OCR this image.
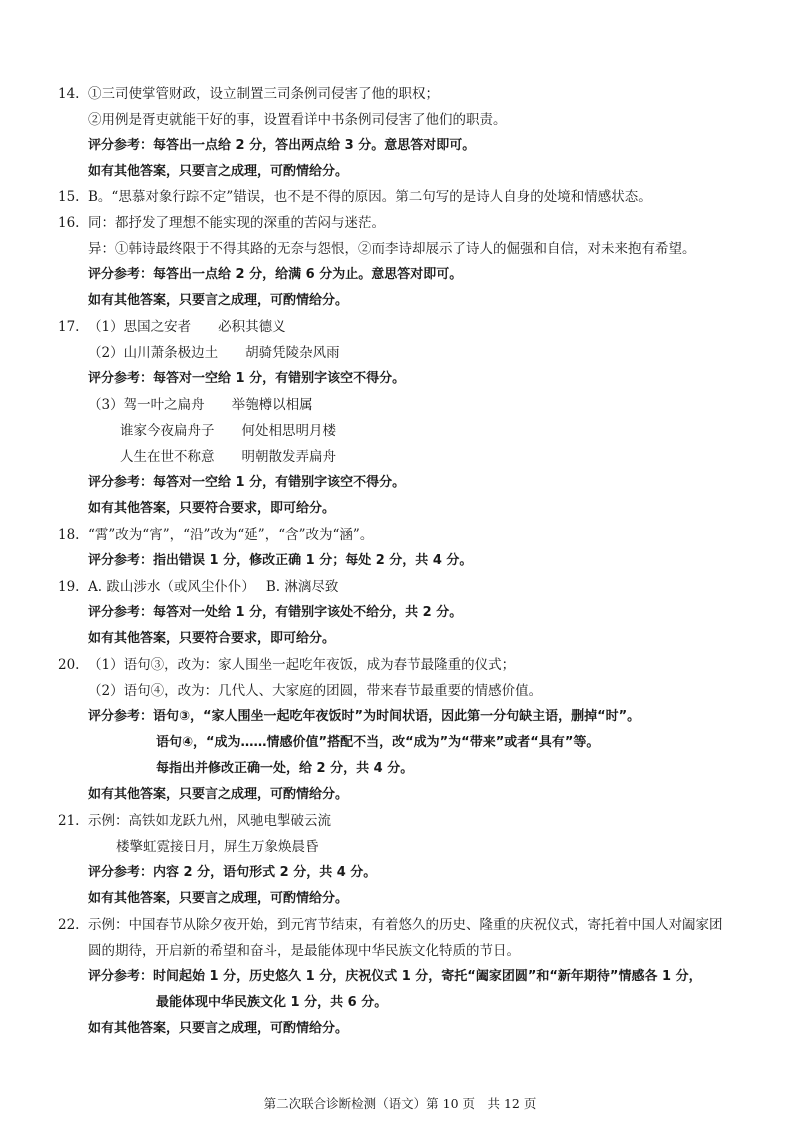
14. ①三司使掌管财政，设立制置三司条例司侵害了他的职权；
②用例是胥吏就能干好的事，设置看详中书条例司侵害了他们的职责。
评分参考：每答出一点给 2 分，答出两点给 3 分。意思答对即可。
如有其他答案，只要言之成理，可酌情给分。
15. B。“思慕对象行踪不定”错误，也不是不得的原因。第二句写的是诗人自身的处境和情感状态。
16. 同：都抒发了理想不能实现的深重的苦闷与迷茫。
异：①韩诗最终限于不得其路的无奈与怨恨，②而李诗却展示了诗人的倔强和自信，对未来抱有希望。
评分参考：每答出一点给 2 分，给满 6 分为止。意思答对即可。
如有其他答案，只要言之成理，可酌情给分。
17. （1）思国之安者　　必积其德义
（2）山川萧条极边土　　胡骑凭陵杂风雨
评分参考：每答对一空给 1 分，有错别字该空不得分。
（3）驾一叶之扁舟　　举匏樽以相属
谁家今夜扁舟子　　何处相思明月楼
人生在世不称意　　明朝散发弄扁舟
评分参考：每答对一空给 1 分，有错别字该空不得分。
如有其他答案，只要符合要求，即可给分。
18. “霄”改为“宵”，“沿”改为“延”，“含”改为“涵”。
评分参考：指出错误 1 分，修改正确 1 分；每处 2 分，共 4 分。
19. A. 跋山涉水（或风尘仆仆）　 B. 淋漓尽致
评分参考：每答对一处给 1 分，有错别字该处不给分，共 2 分。
如有其他答案，只要符合要求，即可给分。
20. （1）语句③，改为：家人围坐一起吃年夜饭，成为春节最隆重的仪式；
（2）语句④，改为：几代人、大家庭的团圆，带来春节最重要的情感价值。
评分参考：语句③，“家人围坐一起吃年夜饭时”为时间状语，因此第一分句缺主语，删掉“时”。
语句④，“成为……情感价值”搭配不当，改“成为”为“带来”或者“具有”等。
每指出并修改正确一处，给 2 分，共 4 分。
如有其他答案，只要言之成理，可酌情给分。
21. 示例：高铁如龙跃九州，风驰电掣破云流
楼擎虹霓接日月，屏生万象焕晨昏
评分参考：内容 2 分，语句形式 2 分，共 4 分。
如有其他答案，只要言之成理，可酌情给分。
22. 示例：中国春节从除夕夜开始，到元宵节结束，有着悠久的历史、隆重的庆祝仪式，寄托着中国人对阖家团
圆的期待，开启新的希望和奋斗，是最能体现中华民族文化特质的节日。
评分参考：时间起始 1 分，历史悠久 1 分，庆祝仪式 1 分，寄托“阖家团圆”和“新年期待”情感各 1 分，
最能体现中华民族文化 1 分，共 6 分。
如有其他答案，只要言之成理，可酌情给分。
第二次联合诊断检测（语文）第 10 页　共 12 页
